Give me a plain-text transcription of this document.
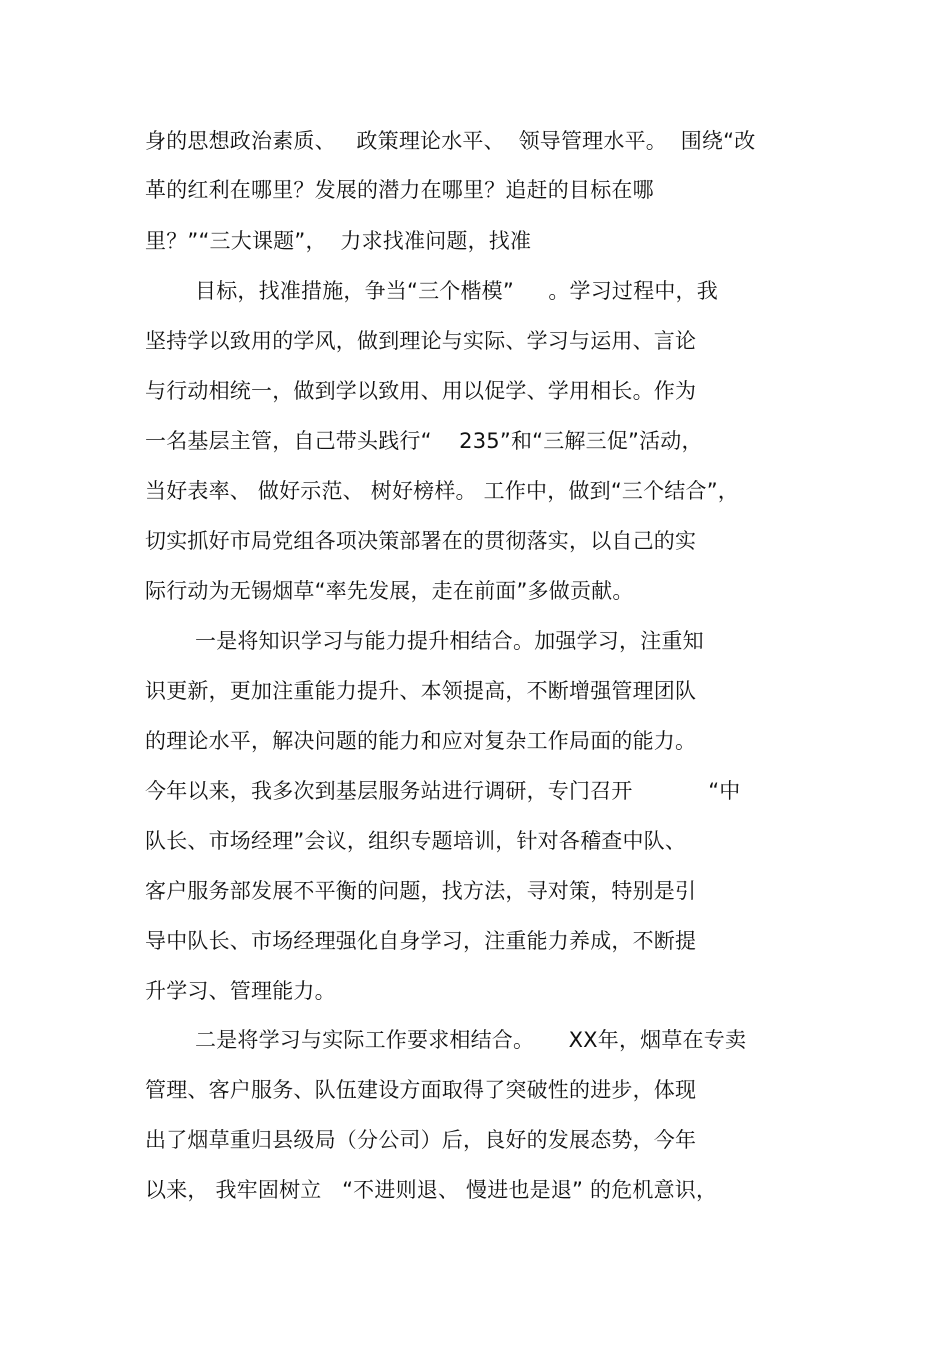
身的思想政治素质、   政策理论水平、  领导管理水平。  围绕“改
革的红利在哪里？发展的潜力在哪里？追赶的目标在哪
里？”“三大课题”，  力求找准问题，找准
目标，找准措施，争当“三个楷模”     。学习过程中，我
坚持学以致用的学风，做到理论与实际、学习与运用、言论
与行动相统一，做到学以致用、用以促学、学用相长。作为
一名基层主管，自己带头践行“    235”和“三解三促”活动，
当好表率、 做好示范、 树好榜样。 工作中，做到“三个结合”，
切实抓好市局党组各项决策部署在的贯彻落实，以自己的实
际行动为无锡烟草“率先发展，走在前面”多做贡献。
一是将知识学习与能力提升相结合。加强学习，注重知
识更新，更加注重能力提升、本领提高，不断增强管理团队
的理论水平，解决问题的能力和应对复杂工作局面的能力。
今年以来，我多次到基层服务站进行调研，专门召开           “中
队长、市场经理”会议，组织专题培训，针对各稽查中队、
客户服务部发展不平衡的问题，找方法，寻对策，特别是引
导中队长、市场经理强化自身学习，注重能力养成，不断提
升学习、管理能力。
二是将学习与实际工作要求相结合。     XX年，烟草在专卖
管理、客户服务、队伍建设方面取得了突破性的进步，体现
出了烟草重归县级局（分公司）后，良好的发展态势，今年
以来， 我牢固树立   “不进则退、 慢进也是退” 的危机意识，
